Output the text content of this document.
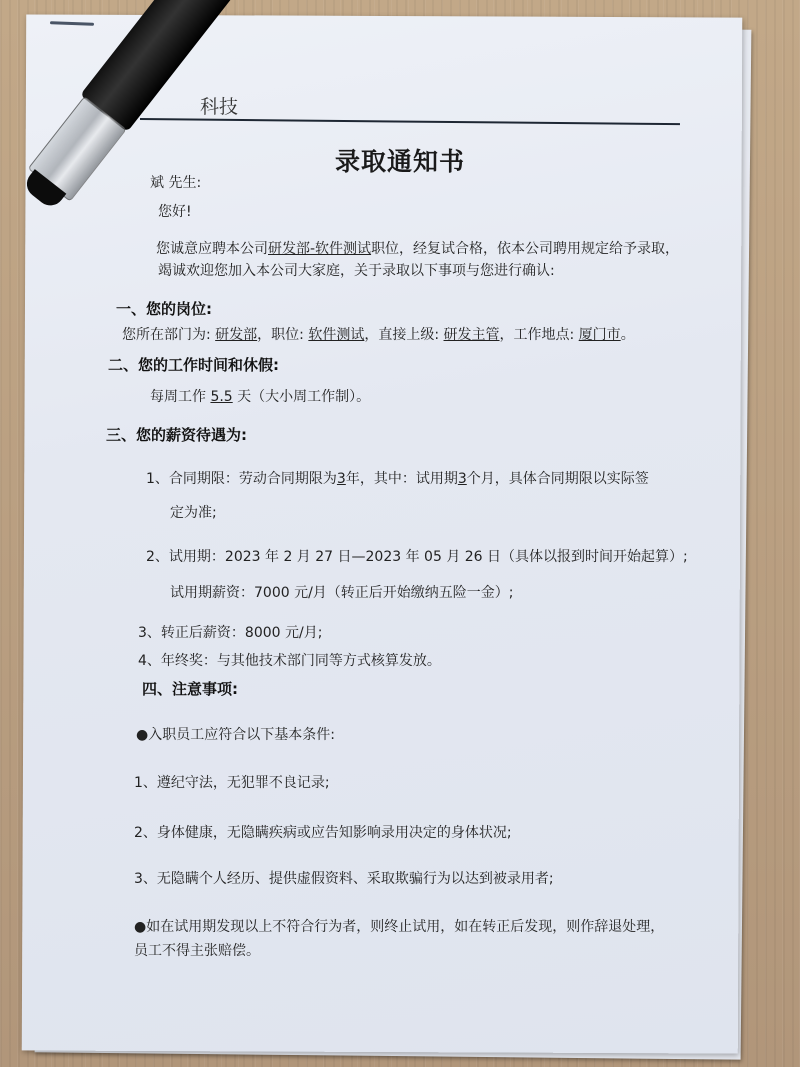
科技
录取通知书
斌 先生:
您好!
您诚意应聘本公司研发部-软件测试职位，经复试合格，依本公司聘用规定给予录取，
竭诚欢迎您加入本公司大家庭，关于录取以下事项与您进行确认:
一、您的岗位:
您所在部门为: 研发部，职位: 软件测试，直接上级: 研发主管，工作地点: 厦门市。
二、您的工作时间和休假:
每周工作 5.5 天（大小周工作制）。
三、您的薪资待遇为:
1、合同期限：劳动合同期限为3年，其中：试用期3个月，具体合同期限以实际签
定为准;
2、试用期：2023 年 2 月 27 日—2023 年 05 月 26 日（具体以报到时间开始起算）;
试用期薪资：7000 元/月（转正后开始缴纳五险一金）;
3、转正后薪资：8000 元/月;
4、年终奖：与其他技术部门同等方式核算发放。
四、注意事项:
●入职员工应符合以下基本条件:
1、遵纪守法，无犯罪不良记录;
2、身体健康，无隐瞒疾病或应告知影响录用决定的身体状况;
3、无隐瞒个人经历、提供虚假资料、采取欺骗行为以达到被录用者;
●如在试用期发现以上不符合行为者，则终止试用，如在转正后发现，则作辞退处理，
员工不得主张赔偿。
